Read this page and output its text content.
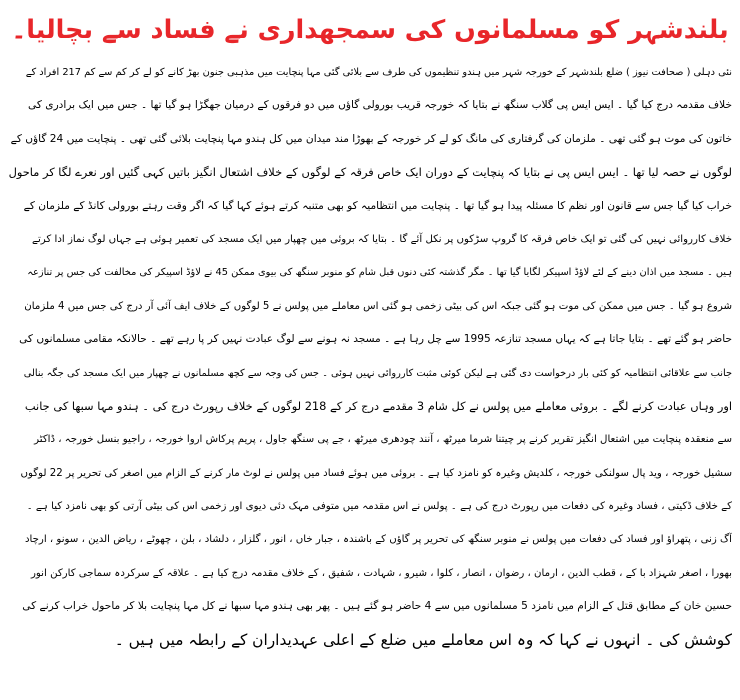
بلندشہر کو مسلمانوں کی سمجھداری نے فساد سے بچالیا۔
نئی دہلی ( صحافت نیوز ) ضلع بلندشہر کے خورجہ شہر میں ہندو تنظیموں کی طرف سے بلائی گئی مہا پنچایت میں مذہبی جنون بھڑ کانے کو لے کر کم سے کم 217 افراد کے
خلاف مقدمہ درج کیا گیا ۔ ایس ایس پی گلاب سنگھ نے بتایا کہ خورجہ قریب بورولی گاؤں میں دو فرقوں کے درمیان جھگڑا ہو گیا تھا ۔ جس میں ایک برادری کی
خاتون کی موت ہو گئی تھی ۔ ملزمان کی گرفتاری کی مانگ کو لے کر خورجہ کے بھوڑا مند میدان میں کل ہندو مہا پنچایت بلائی گئی تھی ۔ پنچایت میں 24 گاؤں کے
لوگوں نے حصہ لیا تھا ۔ ایس ایس پی نے بتایا کہ پنچایت کے دوران ایک خاص فرقہ کے لوگوں کے خلاف اشتعال انگیز باتیں کہی گئیں اور نعرے لگا کر ماحول
خراب کیا گیا جس سے قانون اور نظم کا مسئلہ پیدا ہو گیا تھا ۔ پنچایت میں انتظامیہ کو بھی متنبہ کرتے ہوئے کہا گیا کہ اگر وقت رہتے بورولی کانڈ کے ملزمان کے
خلاف کارروائی نہیں کی گئی تو ایک خاص فرقہ کا گروپ سڑکوں پر نکل آئے گا ۔ بتایا کہ بروئی میں چھپار میں ایک مسجد کی تعمیر ہوئی ہے جہاں لوگ نماز ادا کرتے
ہیں ۔ مسجد میں اذان دینے کے لئے لاؤڈ اسپیکر لگایا گیا تھا ۔ مگر گذشتہ کئی دنوں قبل شام کو منوبر سنگھ کی بیوی ممکن 45 نے لاؤڈ اسپیکر کی مخالفت کی جس پر تنازعہ
شروع ہو گیا ۔ جس میں ممکن کی موت ہو گئی جبکہ اس کی بیٹی زخمی ہو گئی اس معاملے میں پولس نے 5 لوگوں کے خلاف ایف آئی آر درج کی جس میں 4 ملزمان
حاضر ہو گئے تھے ۔ بتایا جاتا ہے کہ یہاں مسجد تنازعہ 1995 سے چل رہا ہے ۔ مسجد نہ ہونے سے لوگ عبادت نہیں کر پا رہے تھے ۔ حالانکہ مقامی مسلمانوں کی
جانب سے علاقائی انتظامیہ کو کئی بار درخواست دی گئی ہے لیکن کوئی مثبت کارروائی نہیں ہوئی ۔ جس کی وجہ سے کچھ مسلمانوں نے چھپار میں ایک مسجد کی جگہ بنالی
اور وہاں عبادت کرنے لگے ۔ بروئی معاملے میں پولس نے کل شام 3 مقدمے درج کر کے 218 لوگوں کے خلاف رپورٹ درج کی ۔ ہندو مہا سبھا کی جانب
سے منعقدہ پنچایت میں اشتعال انگیز تقریر کرنے پر چیتنا شرما میرٹھ ، آنند چودھری میرٹھ ، جے پی سنگھ جاول ، پریم پرکاش اروا خورجہ ، راجیو بنسل خورجہ ، ڈاکٹر
سشیل خورجہ ، وید پال سولنکی خورجہ ، کلدیش وغیرہ کو نامزد کیا ہے ۔ بروئی میں ہوئے فساد میں پولس نے لوٹ مار کرنے کے الزام میں اصغر کی تحریر پر 22 لوگوں
کے خلاف ڈکیتی ، فساد وغیرہ کی دفعات میں رپورٹ درج کی ہے ۔ پولس نے اس مقدمہ میں متوفی مہک دئی دیوی اور زخمی اس کی بیٹی آرتی کو بھی نامزد کیا ہے ۔
آگ زنی ، پتھراؤ اور فساد کی دفعات میں پولس نے منوبر سنگھ کی تحریر پر گاؤں کے باشندہ ، جبار خاں ، انور ، گلزار ، دلشاد ، بلن ، چھوٹے ، ریاض الدین ، سونو ، ارچاد
بھورا ، اصغر شہزاد با کے ، قطب الدین ، ارمان ، رضوان ، انصار ، کلوا ، شیرو ، شہادت ، شفیق ، کے خلاف مقدمہ درج کیا ہے ۔ علاقہ کے سرکردہ سماجی کارکن انور
حسین خان کے مطابق قتل کے الزام میں نامزد 5 مسلمانوں میں سے 4 حاضر ہو گئے ہیں ۔ پھر بھی ہندو مہا سبھا نے کل مہا پنچایت بلا کر ماحول خراب کرنے کی
کوشش کی ۔ انہوں نے کہا کہ وہ اس معاملے میں ضلع کے اعلی عہدیداران کے رابطہ میں ہیں ۔
